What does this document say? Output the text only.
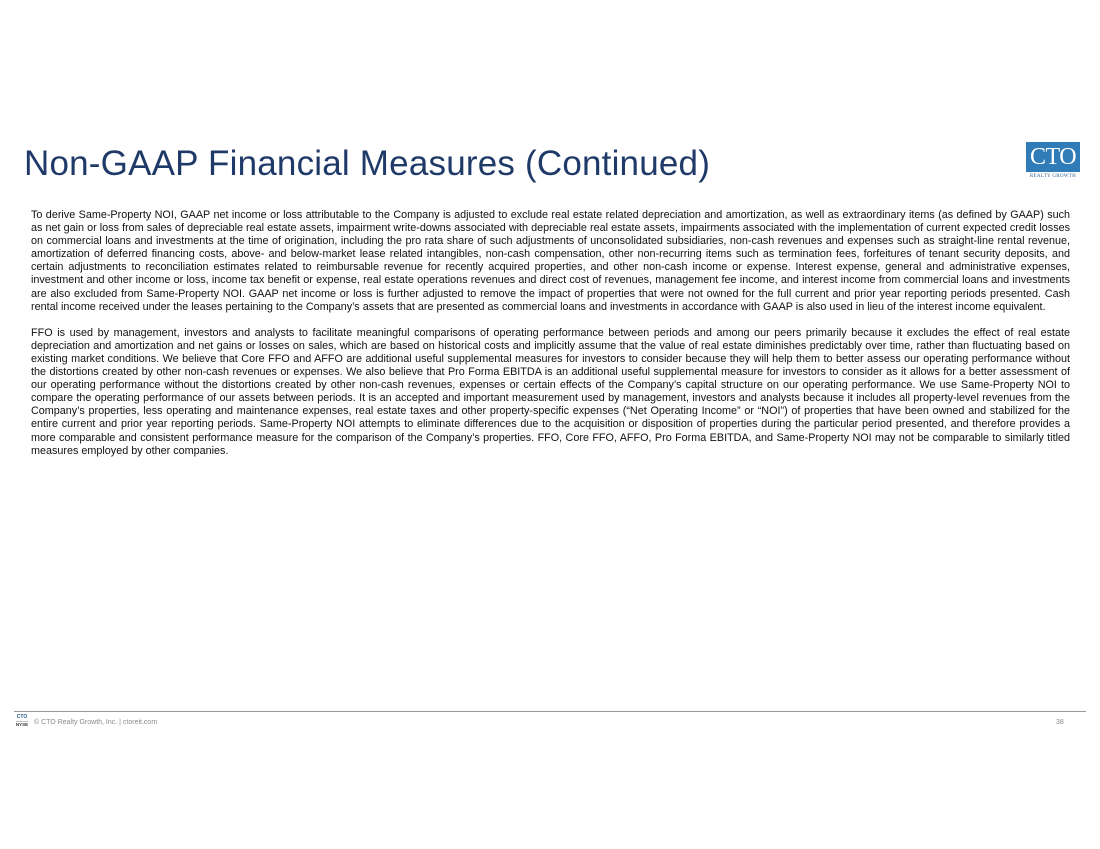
Non-GAAP Financial Measures (Continued)	CTO
REALTY GROWTH

To derive Same-Property NOI, GAAP net income or loss attributable to the Company is adjusted to exclude real estate related depreciation and amortization, as well as extraordinary items (as defined by GAAP) such as net gain or loss from sales of depreciable real estate assets, impairment write-downs associated with depreciable real estate assets, impairments associated with the implementation of current expected credit losses on commercial loans and investments at the time of origination, including the pro rata share of such adjustments of unconsolidated subsidiaries, non-cash revenues and expenses such as straight-line rental revenue, amortization of deferred financing costs, above- and below-market lease related intangibles, non-cash compensation, other non-recurring items such as termination fees, forfeitures of tenant security deposits, and certain adjustments to reconciliation estimates related to reimbursable revenue for recently acquired properties, and other non-cash income or expense. Interest expense, general and administrative expenses, investment and other income or loss, income tax benefit or expense, real estate operations revenues and direct cost of revenues, management fee income, and interest income from commercial loans and investments are also excluded from Same-Property NOI. GAAP net income or loss is further adjusted to remove the impact of properties that were not owned for the full current and prior year reporting periods presented. Cash rental income received under the leases pertaining to the Company’s assets that are presented as commercial loans and investments in accordance with GAAP is also used in lieu of the interest income equivalent.

FFO is used by management, investors and analysts to facilitate meaningful comparisons of operating performance between periods and among our peers primarily because it excludes the effect of real estate depreciation and amortization and net gains or losses on sales, which are based on historical costs and implicitly assume that the value of real estate diminishes predictably over time, rather than fluctuating based on existing market conditions. We believe that Core FFO and AFFO are additional useful supplemental measures for investors to consider because they will help them to better assess our operating performance without the distortions created by other non-cash revenues or expenses. We also believe that Pro Forma EBITDA is an additional useful supplemental measure for investors to consider as it allows for a better assessment of our operating performance without the distortions created by other non-cash revenues, expenses or certain effects of the Company’s capital structure on our operating performance. We use Same-Property NOI to compare the operating performance of our assets between periods. It is an accepted and important measurement used by management, investors and analysts because it includes all property-level revenues from the Company’s properties, less operating and maintenance expenses, real estate taxes and other property-specific expenses (“Net Operating Income” or “NOI”) of properties that have been owned and stabilized for the entire current and prior year reporting periods. Same-Property NOI attempts to eliminate differences due to the acquisition or disposition of properties during the particular period presented, and therefore provides a more comparable and consistent performance measure for the comparison of the Company’s properties. FFO, Core FFO, AFFO, Pro Forma EBITDA, and Same-Property NOI may not be comparable to similarly titled measures employed by other companies.

CTO
NYSE © CTO Realty Growth, Inc. | ctoreit.com	38
